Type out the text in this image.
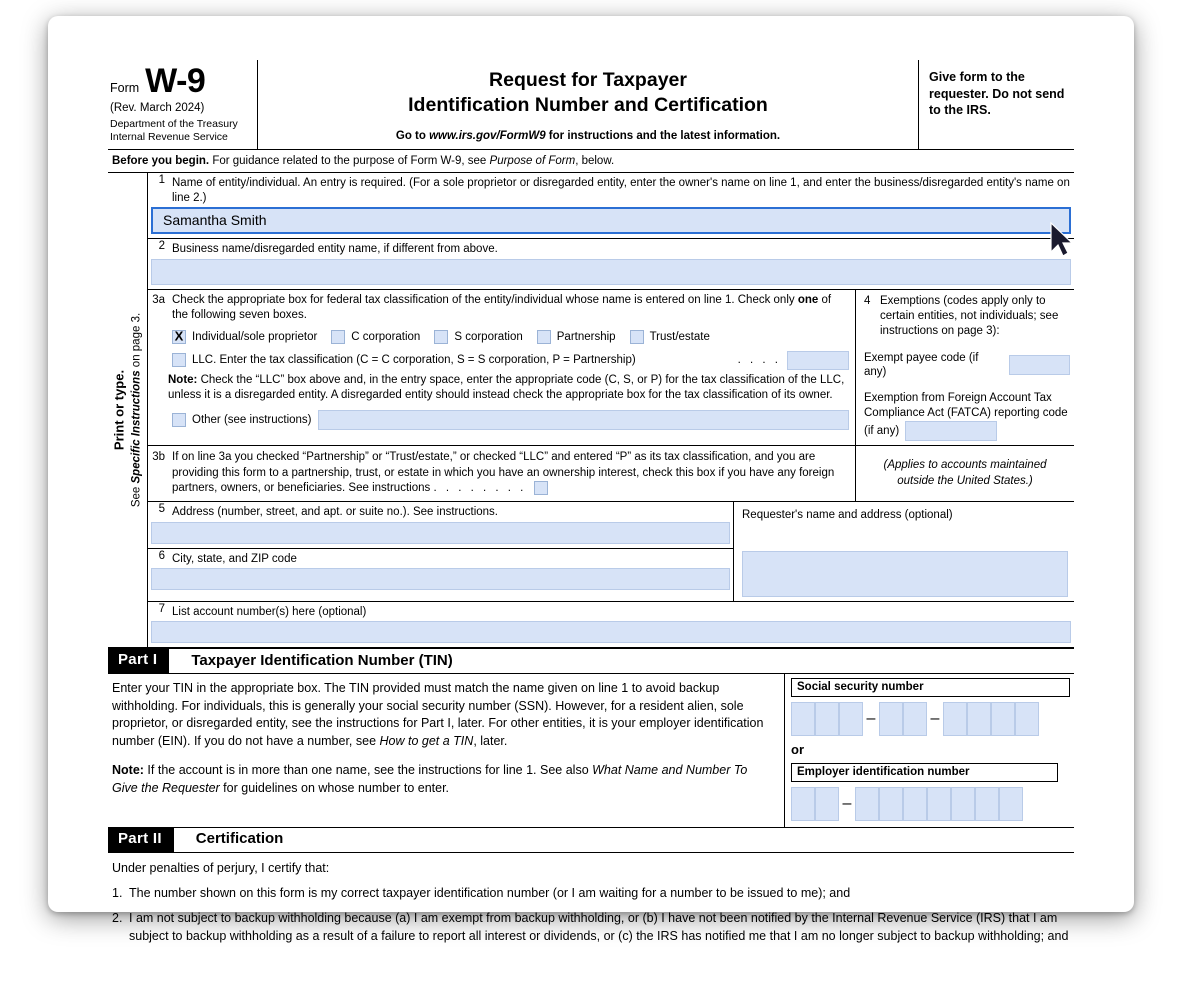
Form W-9
(Rev. March 2024)
Department of the Treasury
Internal Revenue Service
Request for Taxpayer
Identification Number and Certification
Go to www.irs.gov/FormW9 for instructions and the latest information.
Give form to the requester. Do not send to the IRS.
Before you begin. For guidance related to the purpose of Form W-9, see Purpose of Form, below.
Print or type.
See Specific Instructions on page 3.
1 Name of entity/individual. An entry is required. (For a sole proprietor or disregarded entity, enter the owner's name on line 1, and enter the business/disregarded entity's name on line 2.)
Samantha Smith
2 Business name/disregarded entity name, if different from above.
3a Check the appropriate box for federal tax classification of the entity/individual whose name is entered on line 1. Check only one of the following seven boxes.
X
Individual/sole proprietor	C corporation	S corporation	Partnership	Trust/estate
LLC. Enter the tax classification (C = C corporation, S = S corporation, P = Partnership)	. . . .
Note: Check the “LLC” box above and, in the entry space, enter the appropriate code (C, S, or P) for the tax classification of the LLC, unless it is a disregarded entity. A disregarded entity should instead check the appropriate box for the tax classification of its owner.
Other (see instructions)
4 Exemptions (codes apply only to certain entities, not individuals; see instructions on page 3):
Exempt payee code (if any)
Exemption from Foreign Account Tax Compliance Act (FATCA) reporting code (if any)
3b If on line 3a you checked “Partnership” or “Trust/estate,” or checked “LLC” and entered “P” as its tax classification, and you are providing this form to a partnership, trust, or estate in which you have an ownership interest, check this box if you have any foreign partners, owners, or beneficiaries. See instructions . . . . . . . .
(Applies to accounts maintained outside the United States.)
5 Address (number, street, and apt. or suite no.). See instructions.
6 City, state, and ZIP code
Requester's name and address (optional)
7 List account number(s) here (optional)
Part I	Taxpayer Identification Number (TIN)

Enter your TIN in the appropriate box. The TIN provided must match the name given on line 1 to avoid backup withholding. For individuals, this is generally your social security number (SSN). However, for a resident alien, sole proprietor, or disregarded entity, see the instructions for Part I, later. For other entities, it is your employer identification number (EIN). If you do not have a number, see How to get a TIN, later.

Note: If the account is in more than one name, see the instructions for line 1. See also What Name and Number To Give the Requester for guidelines on whose number to enter.

Social security number
–	–
or
Employer identification number
–
Part II	Certification

Under penalties of perjury, I certify that:

1. The number shown on this form is my correct taxpayer identification number (or I am waiting for a number to be issued to me); and
2. I am not subject to backup withholding because (a) I am exempt from backup withholding, or (b) I have not been notified by the Internal Revenue Service (IRS) that I am subject to backup withholding as a result of a failure to report all interest or dividends, or (c) the IRS has notified me that I am no longer subject to backup withholding; and
